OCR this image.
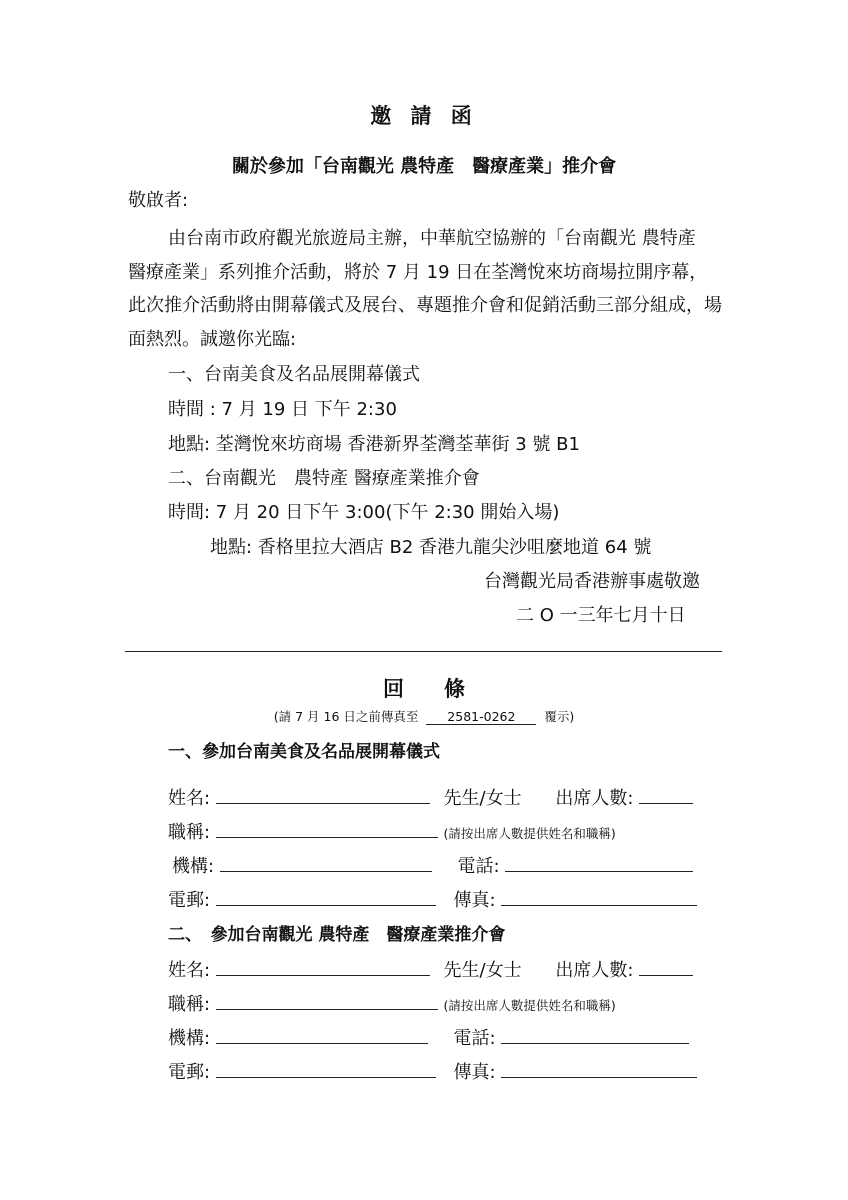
邀 請 函
關於參加「台南觀光 農特產　醫療產業」推介會
敬啟者:
由台南市政府觀光旅遊局主辦，中華航空協辦的「台南觀光 農特產　醫療產業」系列推介活動，將於 7 月 19 日在荃灣悅來坊商場拉開序幕，此次推介活動將由開幕儀式及展台、專題推介會和促銷活動三部分組成，場面熱烈。誠邀你光臨:
一、台南美食及名品展開幕儀式
時間 : 7 月 19 日 下午 2:30
地點: 荃灣悅來坊商場 香港新界荃灣荃華街 3 號 B1
二、台南觀光　農特產 醫療產業推介會
時間: 7 月 20 日下午 3:00(下午 2:30 開始入場)
地點: 香格里拉大酒店 B2 香港九龍尖沙咀麼地道 64 號
台灣觀光局香港辦事處敬邀
二 O 一三年七月十日
回條
(請 7 月 16 日之前傳真至 2581-0262 覆示)
一、參加台南美食及名品展開幕儀式
姓名:	先生/女士 出席人數:
職稱:	(請按出席人數提供姓名和職稱)
機構:	電話:
電郵:	傳真:
二、　參加台南觀光 農特產　醫療產業推介會
姓名:	先生/女士 出席人數:
職稱:	(請按出席人數提供姓名和職稱)
機構:	電話:
電郵:	傳真:
